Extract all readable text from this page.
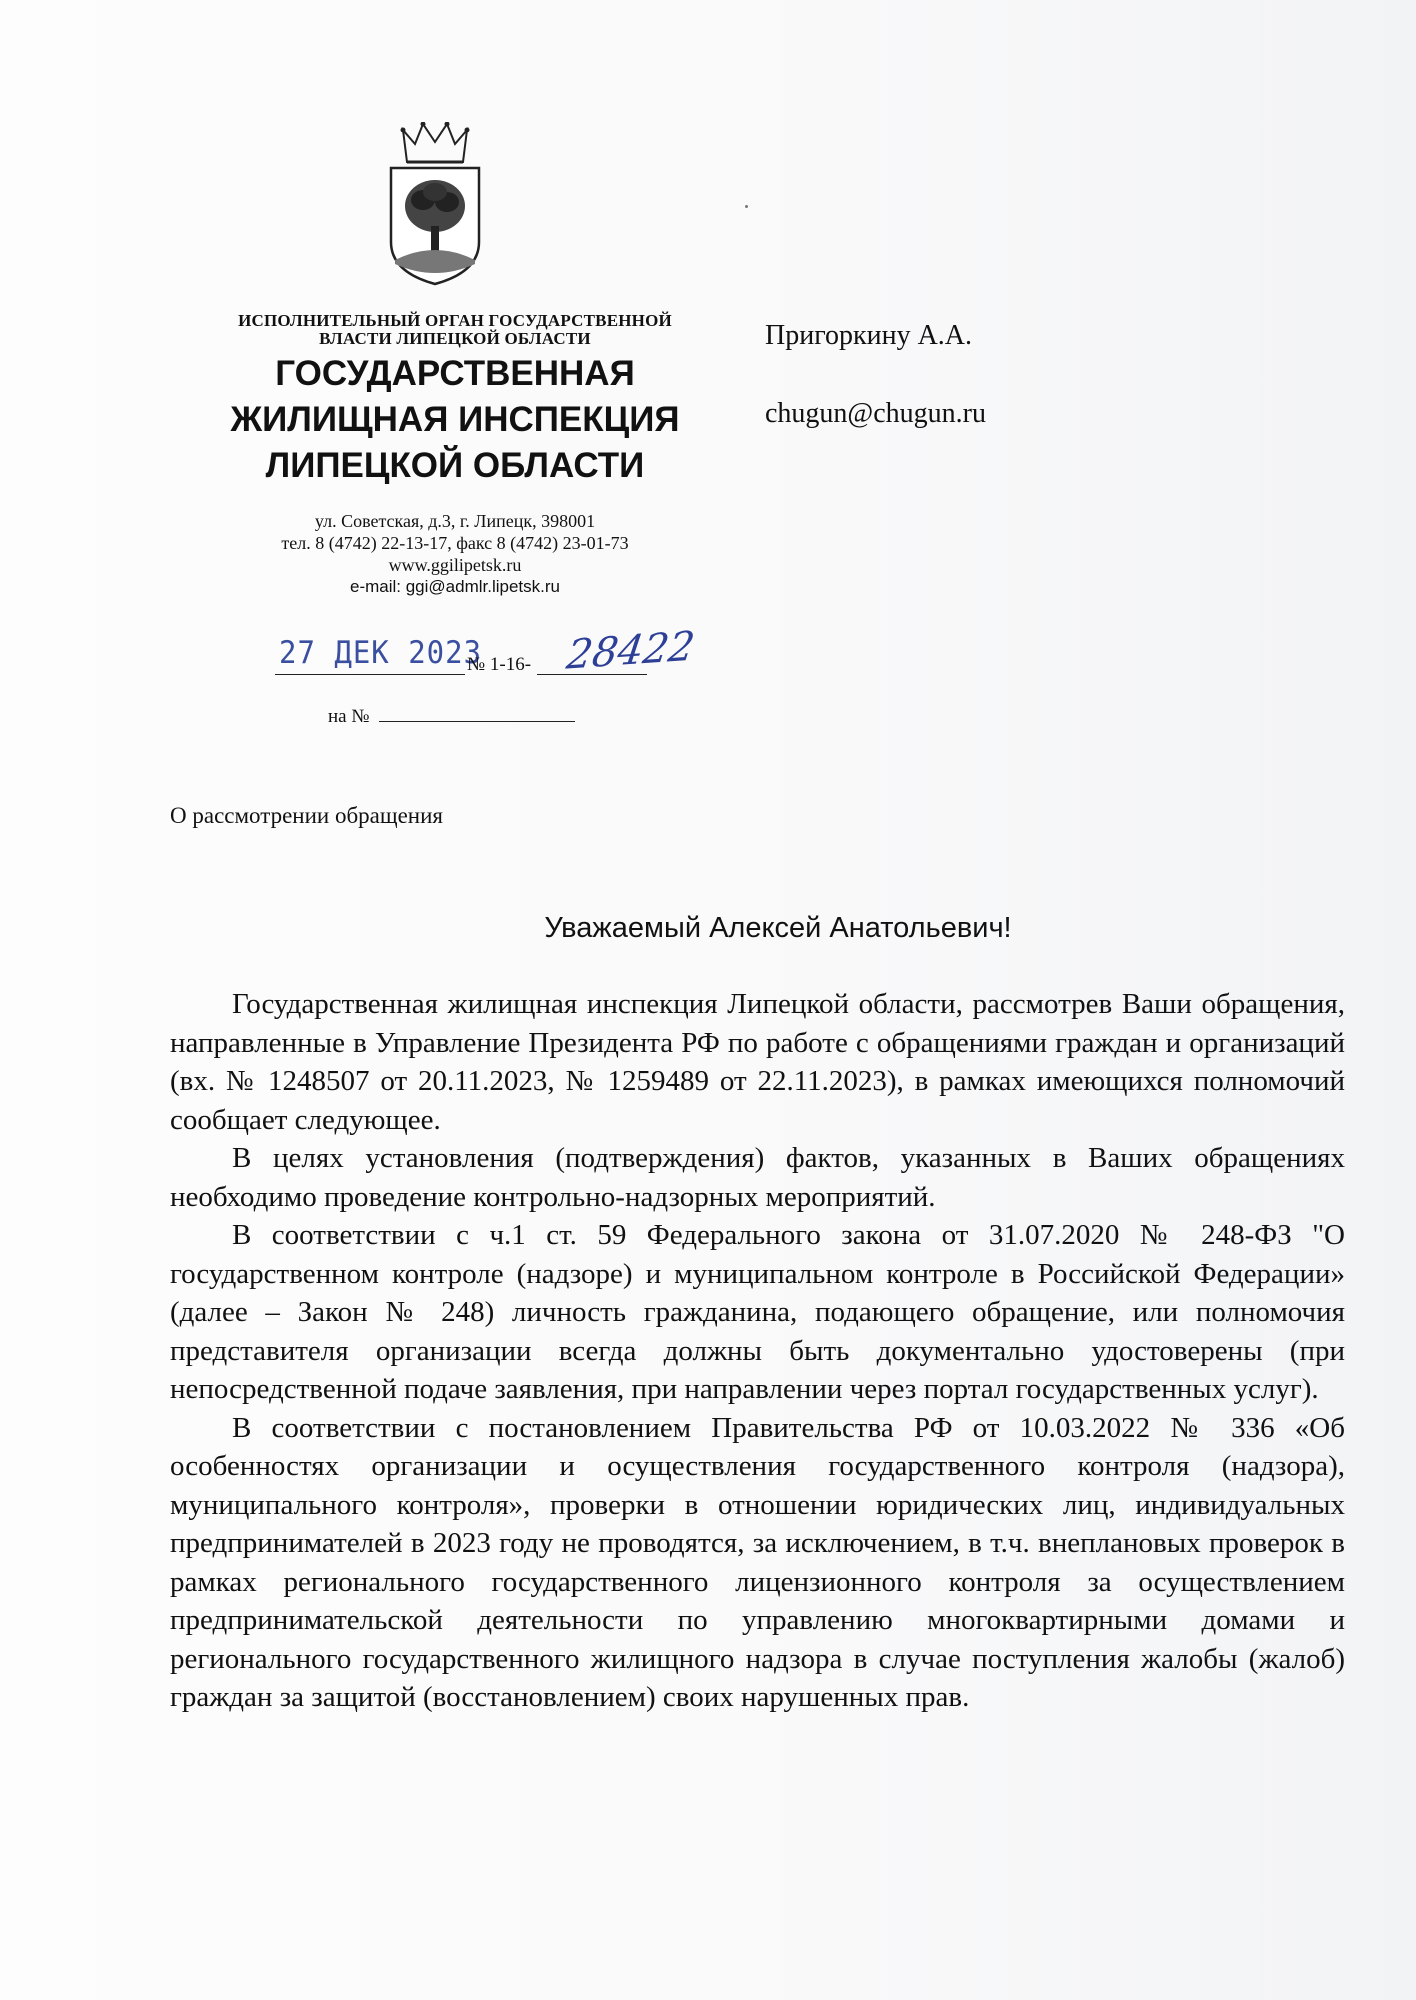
ИСПОЛНИТЕЛЬНЫЙ ОРГАН ГОСУДАРСТВЕННОЙ
ВЛАСТИ ЛИПЕЦКОЙ ОБЛАСТИ
ГОСУДАРСТВЕННАЯ
ЖИЛИЩНАЯ ИНСПЕКЦИЯ
ЛИПЕЦКОЙ ОБЛАСТИ
ул. Советская, д.3, г. Липецк, 398001
тел. 8 (4742) 22-13-17, факс 8 (4742) 23-01-73
www.ggilipetsk.ru
e-mail: ggi@admlr.lipetsk.ru
Пригоркину А.А.
chugun@chugun.ru
27 ДЕК 2023
№ 1-16- 28422
на №
О рассмотрении обращения
Уважаемый Алексей Анатольевич!

Государственная жилищная инспекция Липецкой области, рассмотрев Ваши обращения, направленные в Управление Президента РФ по работе с обращениями граждан и организаций (вх. № 1248507 от 20.11.2023, № 1259489 от 22.11.2023), в рамках имеющихся полномочий сообщает следующее.

В целях установления (подтверждения) фактов, указанных в Ваших обращениях необходимо проведение контрольно-надзорных мероприятий.

В соответствии с ч.1 ст. 59 Федерального закона от 31.07.2020 № 248-ФЗ "О государственном контроле (надзоре) и муниципальном контроле в Российской Федерации» (далее – Закон № 248) личность гражданина, подающего обращение, или полномочия представителя организации всегда должны быть документально удостоверены (при непосредственной подаче заявления, при направлении через портал государственных услуг).

В соответствии с постановлением Правительства РФ от 10.03.2022 № 336 «Об особенностях организации и осуществления государственного контроля (надзора), муниципального контроля», проверки в отношении юридических лиц, индивидуальных предпринимателей в 2023 году не проводятся, за исключением, в т.ч. внеплановых проверок в рамках регионального государственного лицензионного контроля за осуществлением предпринимательской деятельности по управлению многоквартирными домами и регионального государственного жилищного надзора в случае поступления жалобы (жалоб) граждан за защитой (восстановлением) своих нарушенных прав.
